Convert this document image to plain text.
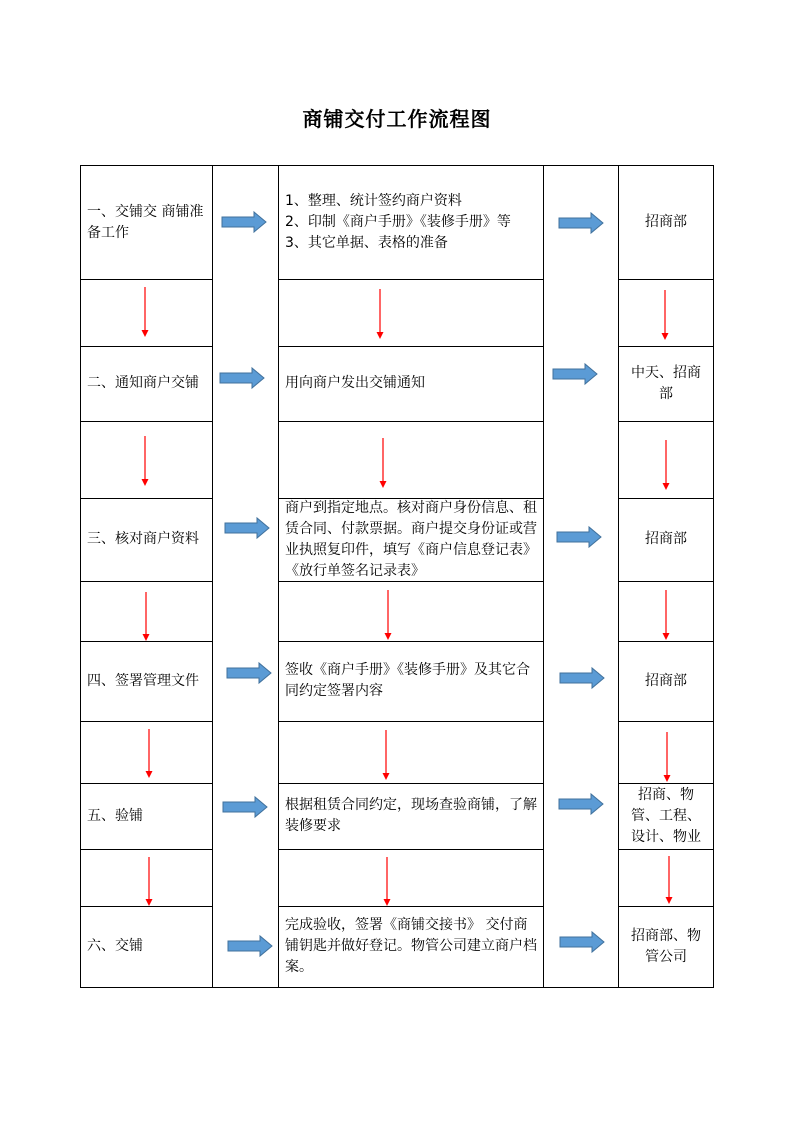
商铺交付工作流程图
一、交铺交 商铺准备工作
1、整理、统计签约商户资料
2、印制《商户手册》《装修手册》等
3、其它单据、表格的准备
招商部
二、通知商户交铺	用向商户发出交铺通知
中天、招商部
三、核对商户资料
商户到指定地点。核对商户身份信息、租
赁合同、付款票据。商户提交身份证或营
业执照复印件，填写《商户信息登记表》
《放行单签名记录表》
招商部
四、签署管理文件
签收《商户手册》《装修手册》及其它合
同约定签署内容
招商部
五、验铺
根据租赁合同约定，现场查验商铺，了解
装修要求
招商、物管、工程、设计、物业
六、交铺
完成验收，签署《商铺交接书》 交付商
铺钥匙并做好登记。物管公司建立商户档
案。
招商部、物管公司
